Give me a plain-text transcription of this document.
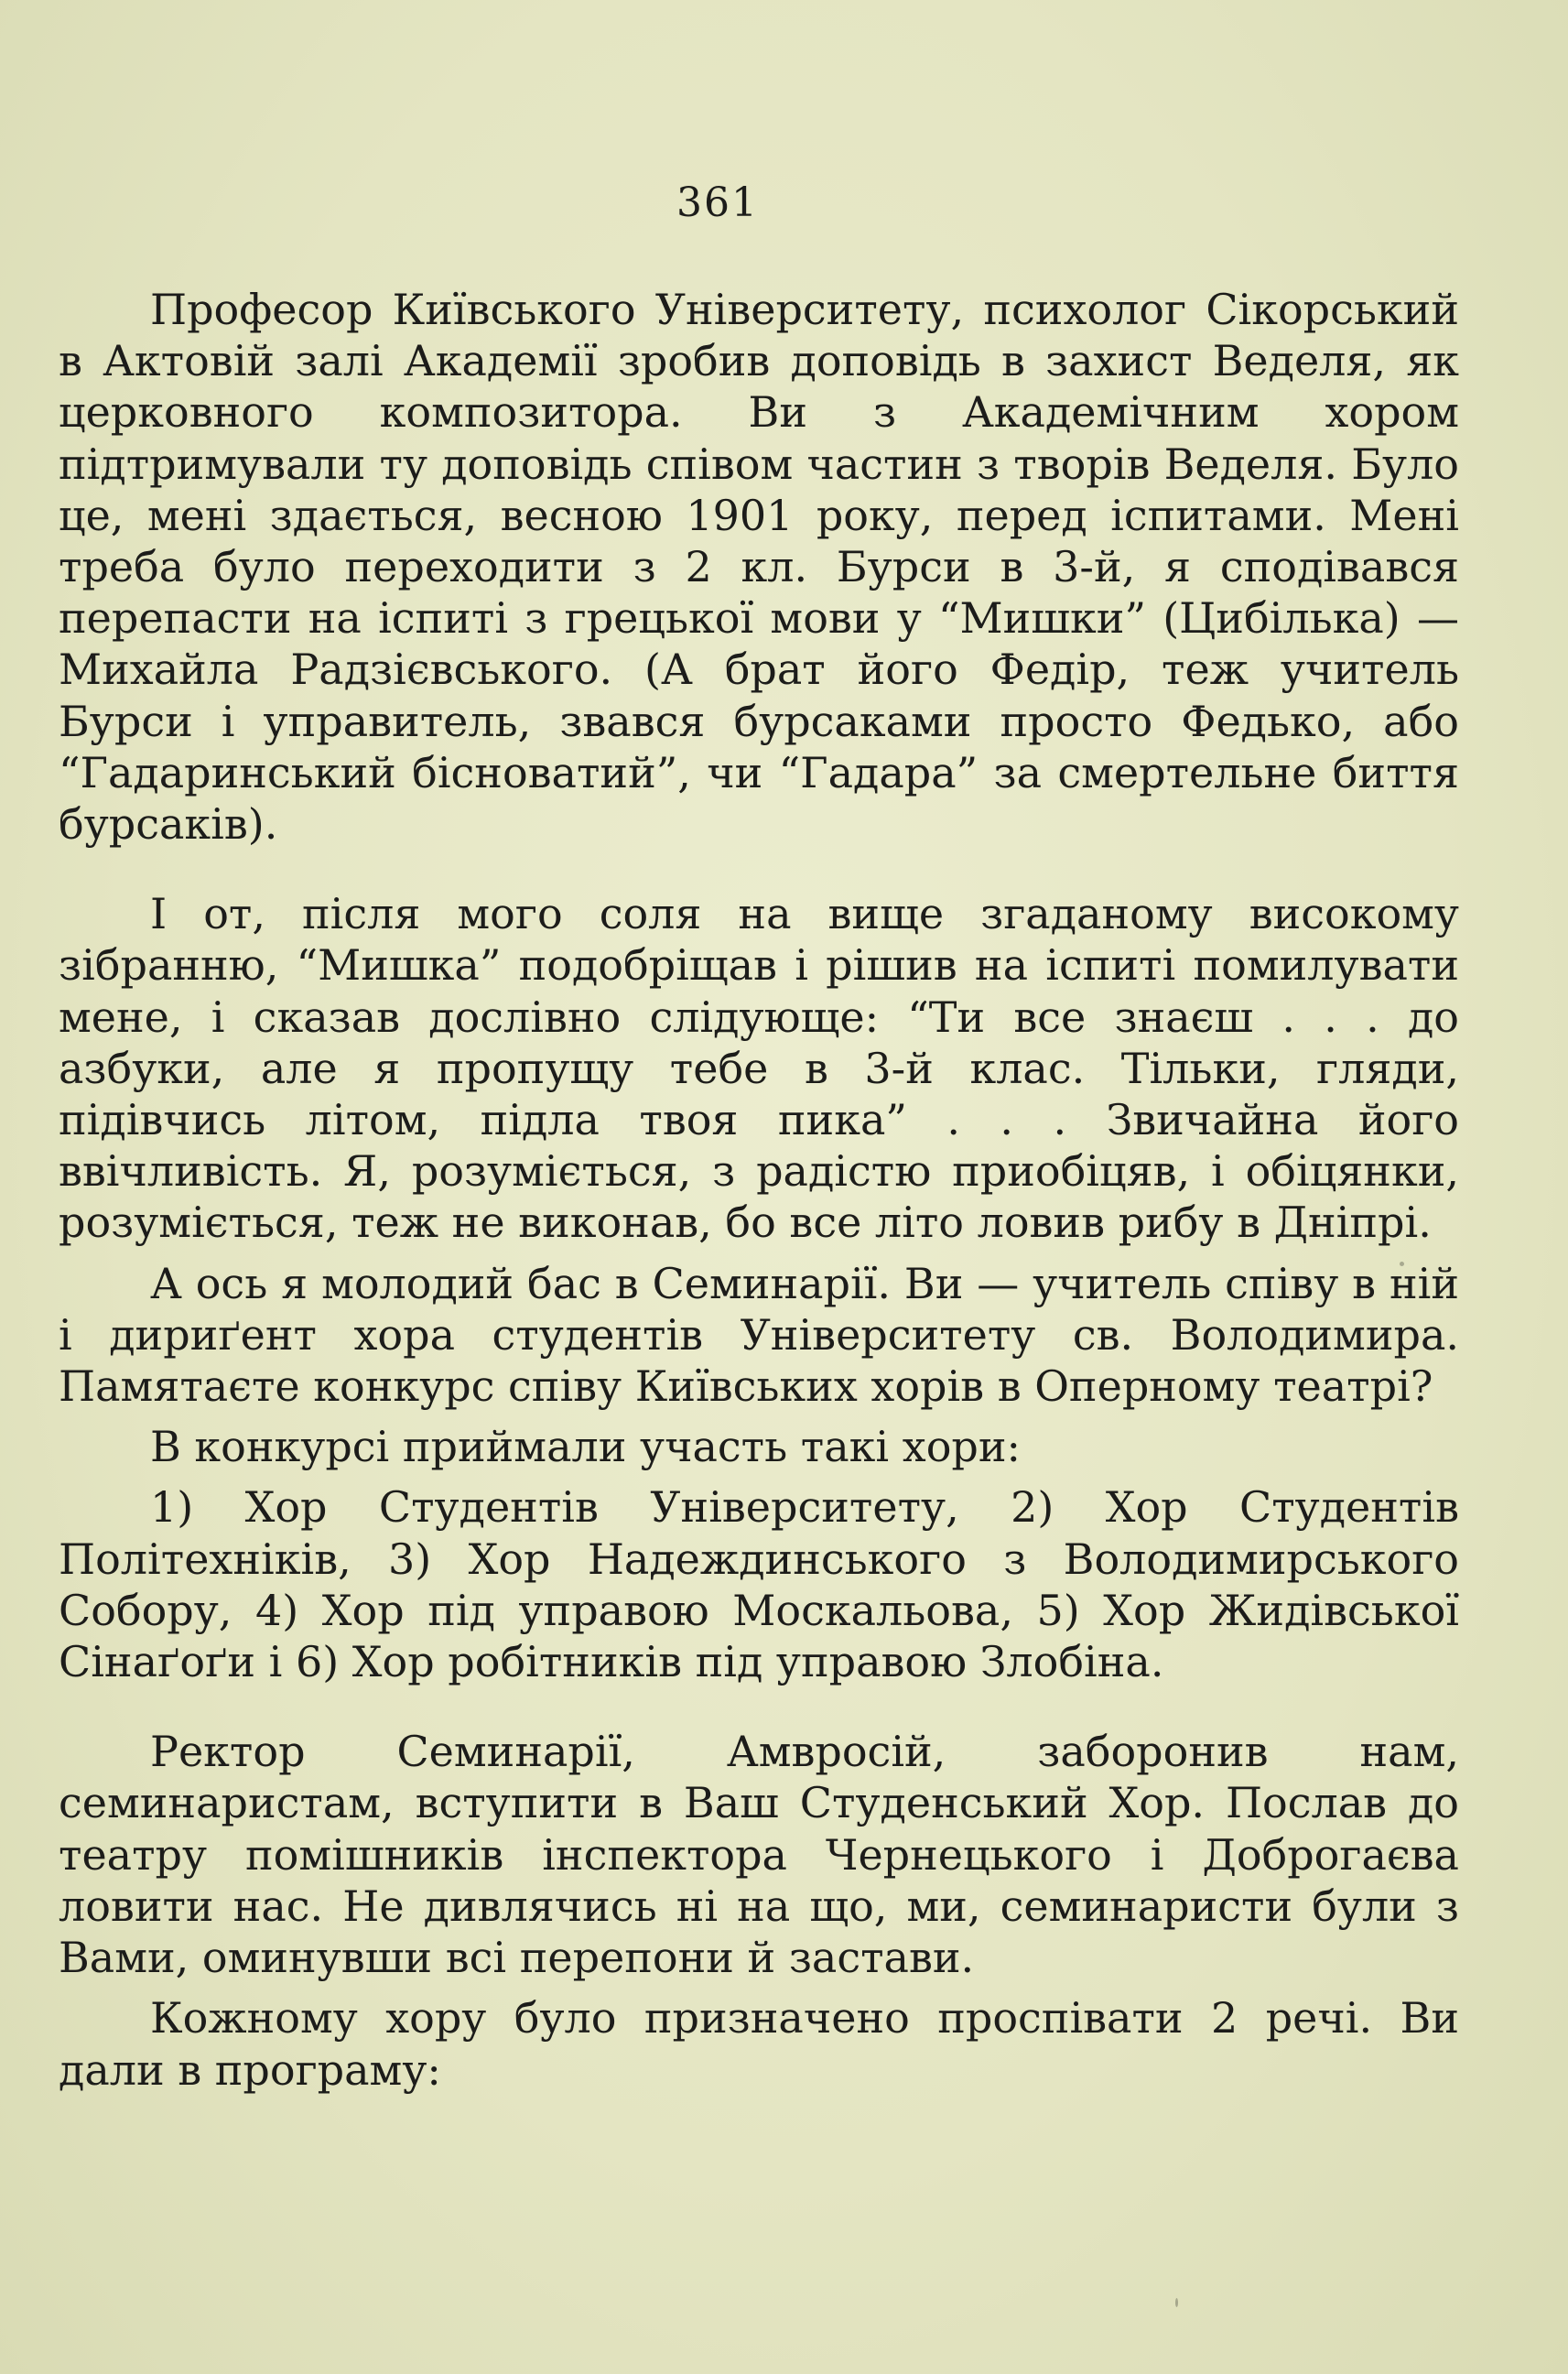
361

Професор Київського Університету, психолог Сікорський в Актовій залі Академії зробив доповідь в захист Веделя, як церковного композитора. Ви з Академічним хором підтримували ту доповідь співом частин з творів Веделя. Було це, мені здається, весною 1901 року, перед іспитами. Мені треба було переходити з 2 кл. Бурси в 3-й, я сподівався перепасти на іспиті з грецької мови у “Мишки” (Цибілька) — Михайла Радзієвського. (А брат його Федір, теж учитель Бурси і управитель, звався бурсаками просто Федько, або “Гадаринський бісноватий”, чи “Гадара” за смертельне биття бурсаків).

І от, після мого соля на вище згаданому високому зібранню, “Мишка” подобріщав і рішив на іспиті помилувати мене, і сказав дослівно слідующе: “Ти все знаєш . . . до азбуки, але я пропущу тебе в 3-й клас. Тільки, гляди, підівчись літом, підла твоя пика” . . . Звичайна його ввічливість. Я, розуміється, з радістю приобіцяв, і обіцянки, розуміється, теж не виконав, бо все літо ловив рибу в Дніпрі.

А ось я молодий бас в Семинарії. Ви — учитель співу в ній і дириґент хора студентів Університету св. Володимира. Памятаєте конкурс співу Київських хорів в Оперному театрі?

В конкурсі приймали участь такі хори:

1) Хор Студентів Університету, 2) Хор Студентів Політехніків, 3) Хор Надеждинського з Володимирського Собору, 4) Хор під управою Москальова, 5) Хор Жидівської Сінаґоґи і 6) Хор робітників під управою Злобіна.

Ректор Семинарії, Амвросій, заборонив нам, семинаристам, вступити в Ваш Студенський Хор. Послав до театру помішників інспектора Чернецького і Доброгаєва ловити нас. Не дивлячись ні на що, ми, семинаристи були з Вами, оминувши всі перепони й застави.

Кожному хору було призначено проспівати 2 речі. Ви дали в програму:
